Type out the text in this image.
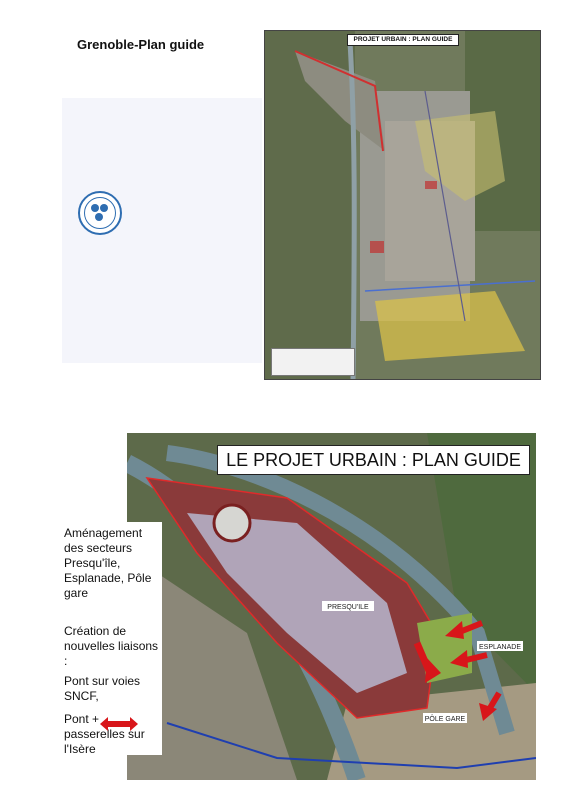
Grenoble-Plan guide	PROJET URBAIN : PLAN GUIDE
PRESQU'ILE
ESPLANADE
PÔLE GARE
LE PROJET URBAIN : PLAN GUIDE

Aménagement des secteurs Presqu'île, Esplanade, Pôle gare

Création de nouvelles liaisons :

Pont sur voies SNCF,

Pont + passerelles sur l'Isère
